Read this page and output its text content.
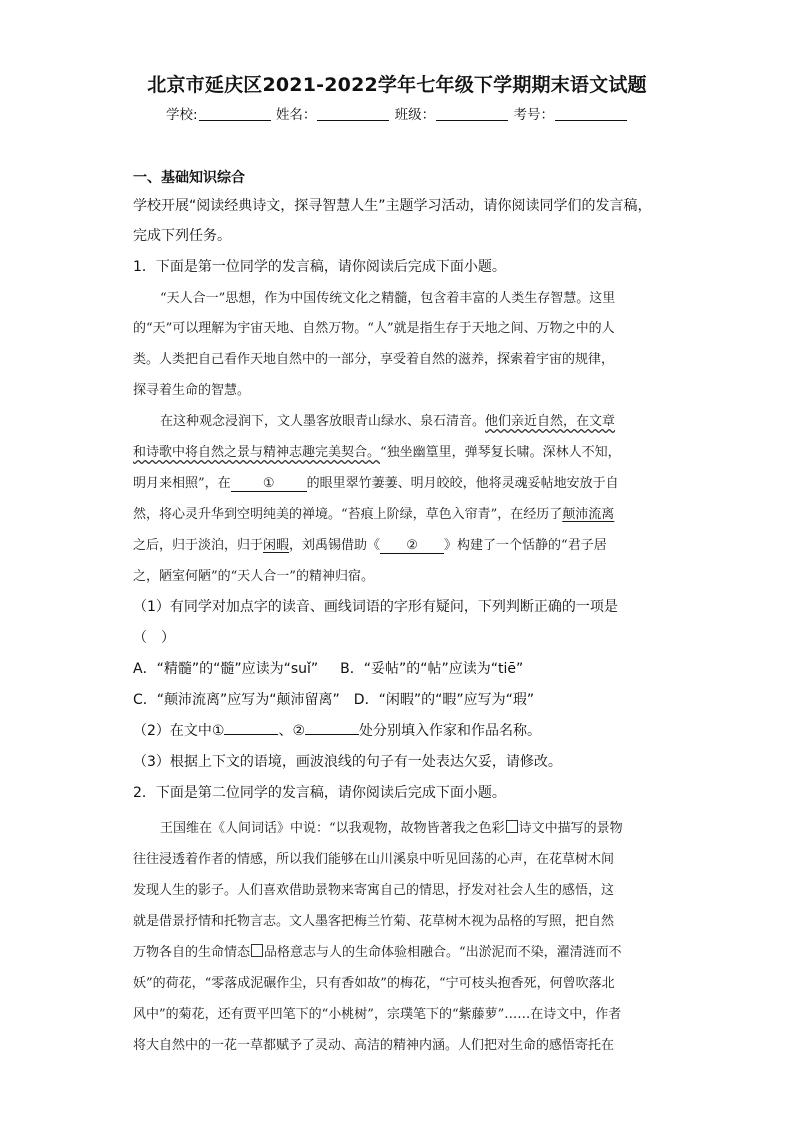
北京市延庆区2021-2022学年七年级下学期期末语文试题
学校:	姓名：	班级：	考号：
一、基础知识综合
学校开展“阅读经典诗文，探寻智慧人生”主题学习活动，请你阅读同学们的发言稿，
完成下列任务。
1．下面是第一位同学的发言稿，请你阅读后完成下面小题。
“天人合一”思想，作为中国传统文化之精髓，包含着丰富的人类生存智慧。这里
的“天”可以理解为宇宙天地、自然万物。“人”就是指生存于天地之间、万物之中的人
类。人类把自己看作天地自然中的一部分，享受着自然的滋养，探索着宇宙的规律，
探寻着生命的智慧。
在这种观念浸润下，文人墨客放眼青山绿水、泉石清音。他们亲近自然，在文章
和诗歌中将自然之景与精神志趣完美契合。“独坐幽篁里，弹琴复长啸。深林人不知，
明月来相照”，在 ① 的眼里翠竹萋萋、明月皎皎，他将灵魂妥帖地安放于自
然，将心灵升华到空明纯美的禅境。“苔痕上阶绿，草色入帘青”，在经历了颠沛流离
之后，归于淡泊，归于闲暇，刘禹锡借助《 ② 》构建了一个恬静的“君子居
之，陋室何陋”的“天人合一”的精神归宿。
（1）有同学对加点字的读音、画线词语的字形有疑问，下列判断正确的一项是
（　）
A．“精髓”的“髓”应读为“suǐ” B．“妥帖”的“帖”应读为“tiē”
C．“颠沛流离”应写为“颠沛留离” D．“闲暇”的“暇”应写为“瑕”
（2）在文中①	、②	处分别填入作家和作品名称。
（3）根据上下文的语境，画波浪线的句子有一处表达欠妥，请修改。
2．下面是第二位同学的发言稿，请你阅读后完成下面小题。
王国维在《人间词话》中说：“以我观物，故物皆著我之色彩 诗文中描写的景物
往往浸透着作者的情感，所以我们能够在山川溪泉中听见回荡的心声，在花草树木间
发现人生的影子。人们喜欢借助景物来寄寓自己的情思，抒发对社会人生的感悟，这
就是借景抒情和托物言志。文人墨客把梅兰竹菊、花草树木视为品格的写照，把自然
万物各自的生命情态 品格意志与人的生命体验相融合。“出淤泥而不染，濯清涟而不
妖”的荷花，“零落成泥碾作尘，只有香如故”的梅花，“宁可枝头抱香死，何曾吹落北
风中”的菊花，还有贾平凹笔下的“小桃树”，宗璞笔下的“紫藤萝”……在诗文中，作者
将大自然中的一花一草都赋予了灵动、高洁的精神内涵。人们把对生命的感悟寄托在
